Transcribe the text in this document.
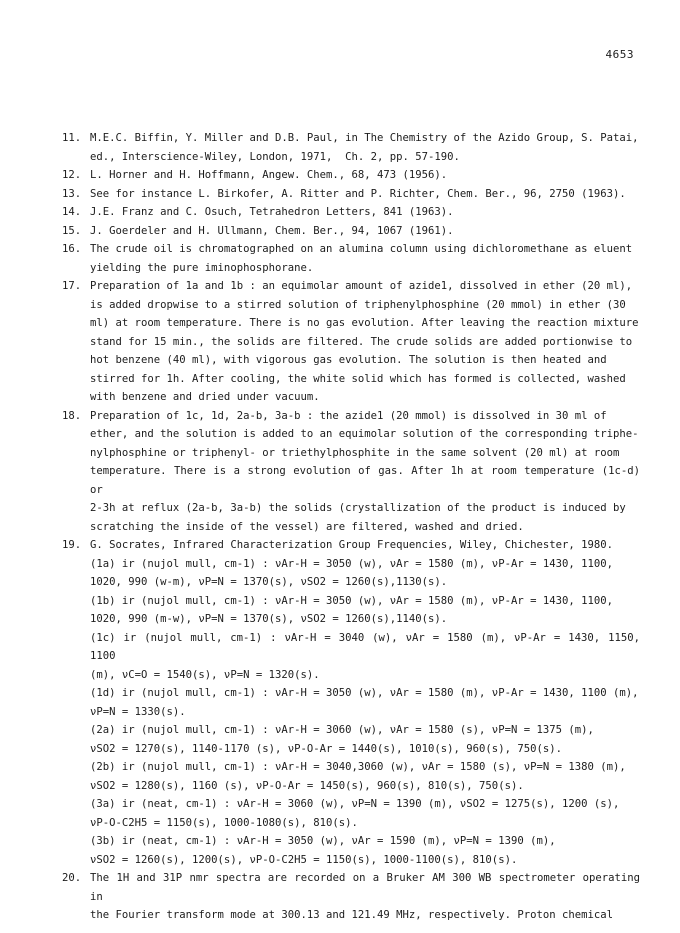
4653
11. M.E.C. Biffin, Y. Miller and D.B. Paul, in The Chemistry of the Azido Group, S. Patai,
ed., Interscience-Wiley, London, 1971,  Ch. 2, pp. 57-190.
12. L. Horner and H. Hoffmann, Angew. Chem., 68, 473 (1956).
13. See for instance L. Birkofer, A. Ritter and P. Richter, Chem. Ber., 96, 2750 (1963).
14. J.E. Franz and C. Osuch, Tetrahedron Letters, 841 (1963).
15. J. Goerdeler and H. Ullmann, Chem. Ber., 94, 1067 (1961).
16. The crude oil is chromatographed on an alumina column using dichloromethane as eluent
yielding the pure iminophosphorane.
17. Preparation of 1a and 1b : an equimolar amount of azide1, dissolved in ether (20 ml),
is added dropwise to a stirred solution of triphenylphosphine (20 mmol) in ether (30
ml) at room temperature. There is no gas evolution. After leaving the reaction mixture
stand for 15 min., the solids are filtered. The crude solids are added portionwise to
hot benzene (40 ml), with vigorous gas evolution. The solution is then heated and
stirred for 1h. After cooling, the white solid which has formed is collected, washed
with benzene and dried under vacuum.
18. Preparation of 1c, 1d, 2a-b, 3a-b : the azide1 (20 mmol) is dissolved in 30 ml of
ether, and the solution is added to an equimolar solution of the corresponding triphe-
nylphosphine or triphenyl- or triethylphosphite in the same solvent (20 ml) at room
temperature. There is a strong evolution of gas. After 1h at room temperature (1c-d) or
2-3h at reflux (2a-b, 3a-b) the solids (crystallization of the product is induced by
scratching the inside of the vessel) are filtered, washed and dried.
19. G. Socrates, Infrared Characterization Group Frequencies, Wiley, Chichester, 1980.
(1a) ir (nujol mull, cm-1) : νAr-H = 3050 (w), νAr = 1580 (m), νP-Ar = 1430, 1100,
1020, 990 (w-m), νP=N = 1370(s), νSO2 = 1260(s),1130(s).
(1b) ir (nujol mull, cm-1) : νAr-H = 3050 (w), νAr = 1580 (m), νP-Ar = 1430, 1100,
1020, 990 (m-w), νP=N = 1370(s), νSO2 = 1260(s),1140(s).
(1c) ir (nujol mull, cm-1) : νAr-H = 3040 (w), νAr = 1580 (m), νP-Ar = 1430, 1150, 1100
(m), νC=O = 1540(s), νP=N = 1320(s).
(1d) ir (nujol mull, cm-1) : νAr-H = 3050 (w), νAr = 1580 (m), νP-Ar = 1430, 1100 (m),
νP=N = 1330(s).
(2a) ir (nujol mull, cm-1) : νAr-H = 3060 (w), νAr = 1580 (s), νP=N = 1375 (m),
νSO2 = 1270(s), 1140-1170 (s), νP-O-Ar = 1440(s), 1010(s), 960(s), 750(s).
(2b) ir (nujol mull, cm-1) : νAr-H = 3040,3060 (w), νAr = 1580 (s), νP=N = 1380 (m),
νSO2 = 1280(s), 1160 (s), νP-O-Ar = 1450(s), 960(s), 810(s), 750(s).
(3a) ir (neat, cm-1) : νAr-H = 3060 (w), νP=N = 1390 (m), νSO2 = 1275(s), 1200 (s),
νP-O-C2H5 = 1150(s), 1000-1080(s), 810(s).
(3b) ir (neat, cm-1) : νAr-H = 3050 (w), νAr = 1590 (m), νP=N = 1390 (m),
νSO2 = 1260(s), 1200(s), νP-O-C2H5 = 1150(s), 1000-1100(s), 810(s).
20. The 1H and 31P nmr spectra are recorded on a Bruker AM 300 WB spectrometer operating in
the Fourier transform mode at 300.13 and 121.49 MHz, respectively. Proton chemical
